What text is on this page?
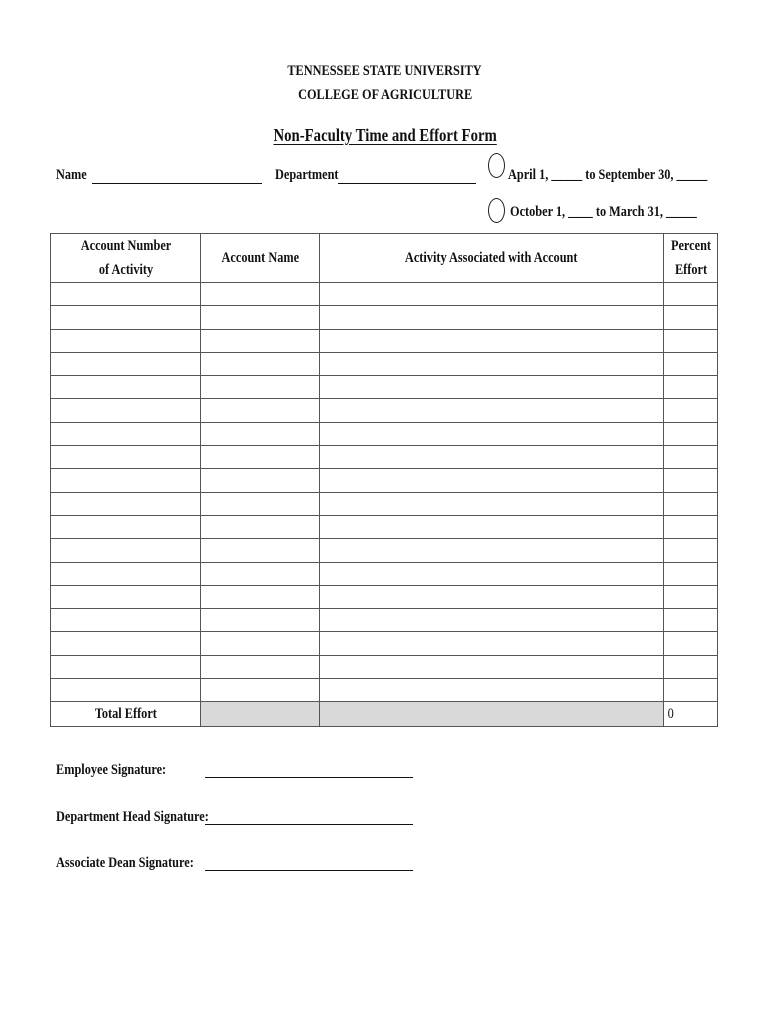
TENNESSEE STATE UNIVERSITY
COLLEGE OF AGRICULTURE
Non-Faculty Time and Effort Form
Name	Department	April 1, _____ to September 30, _____
October 1, ____ to March 31, _____
Account Number of Activity	Account Name	Activity Associated with Account	Percent Effort

Total Effort			0
Employee Signature:
Department Head Signature:
Associate Dean Signature:
